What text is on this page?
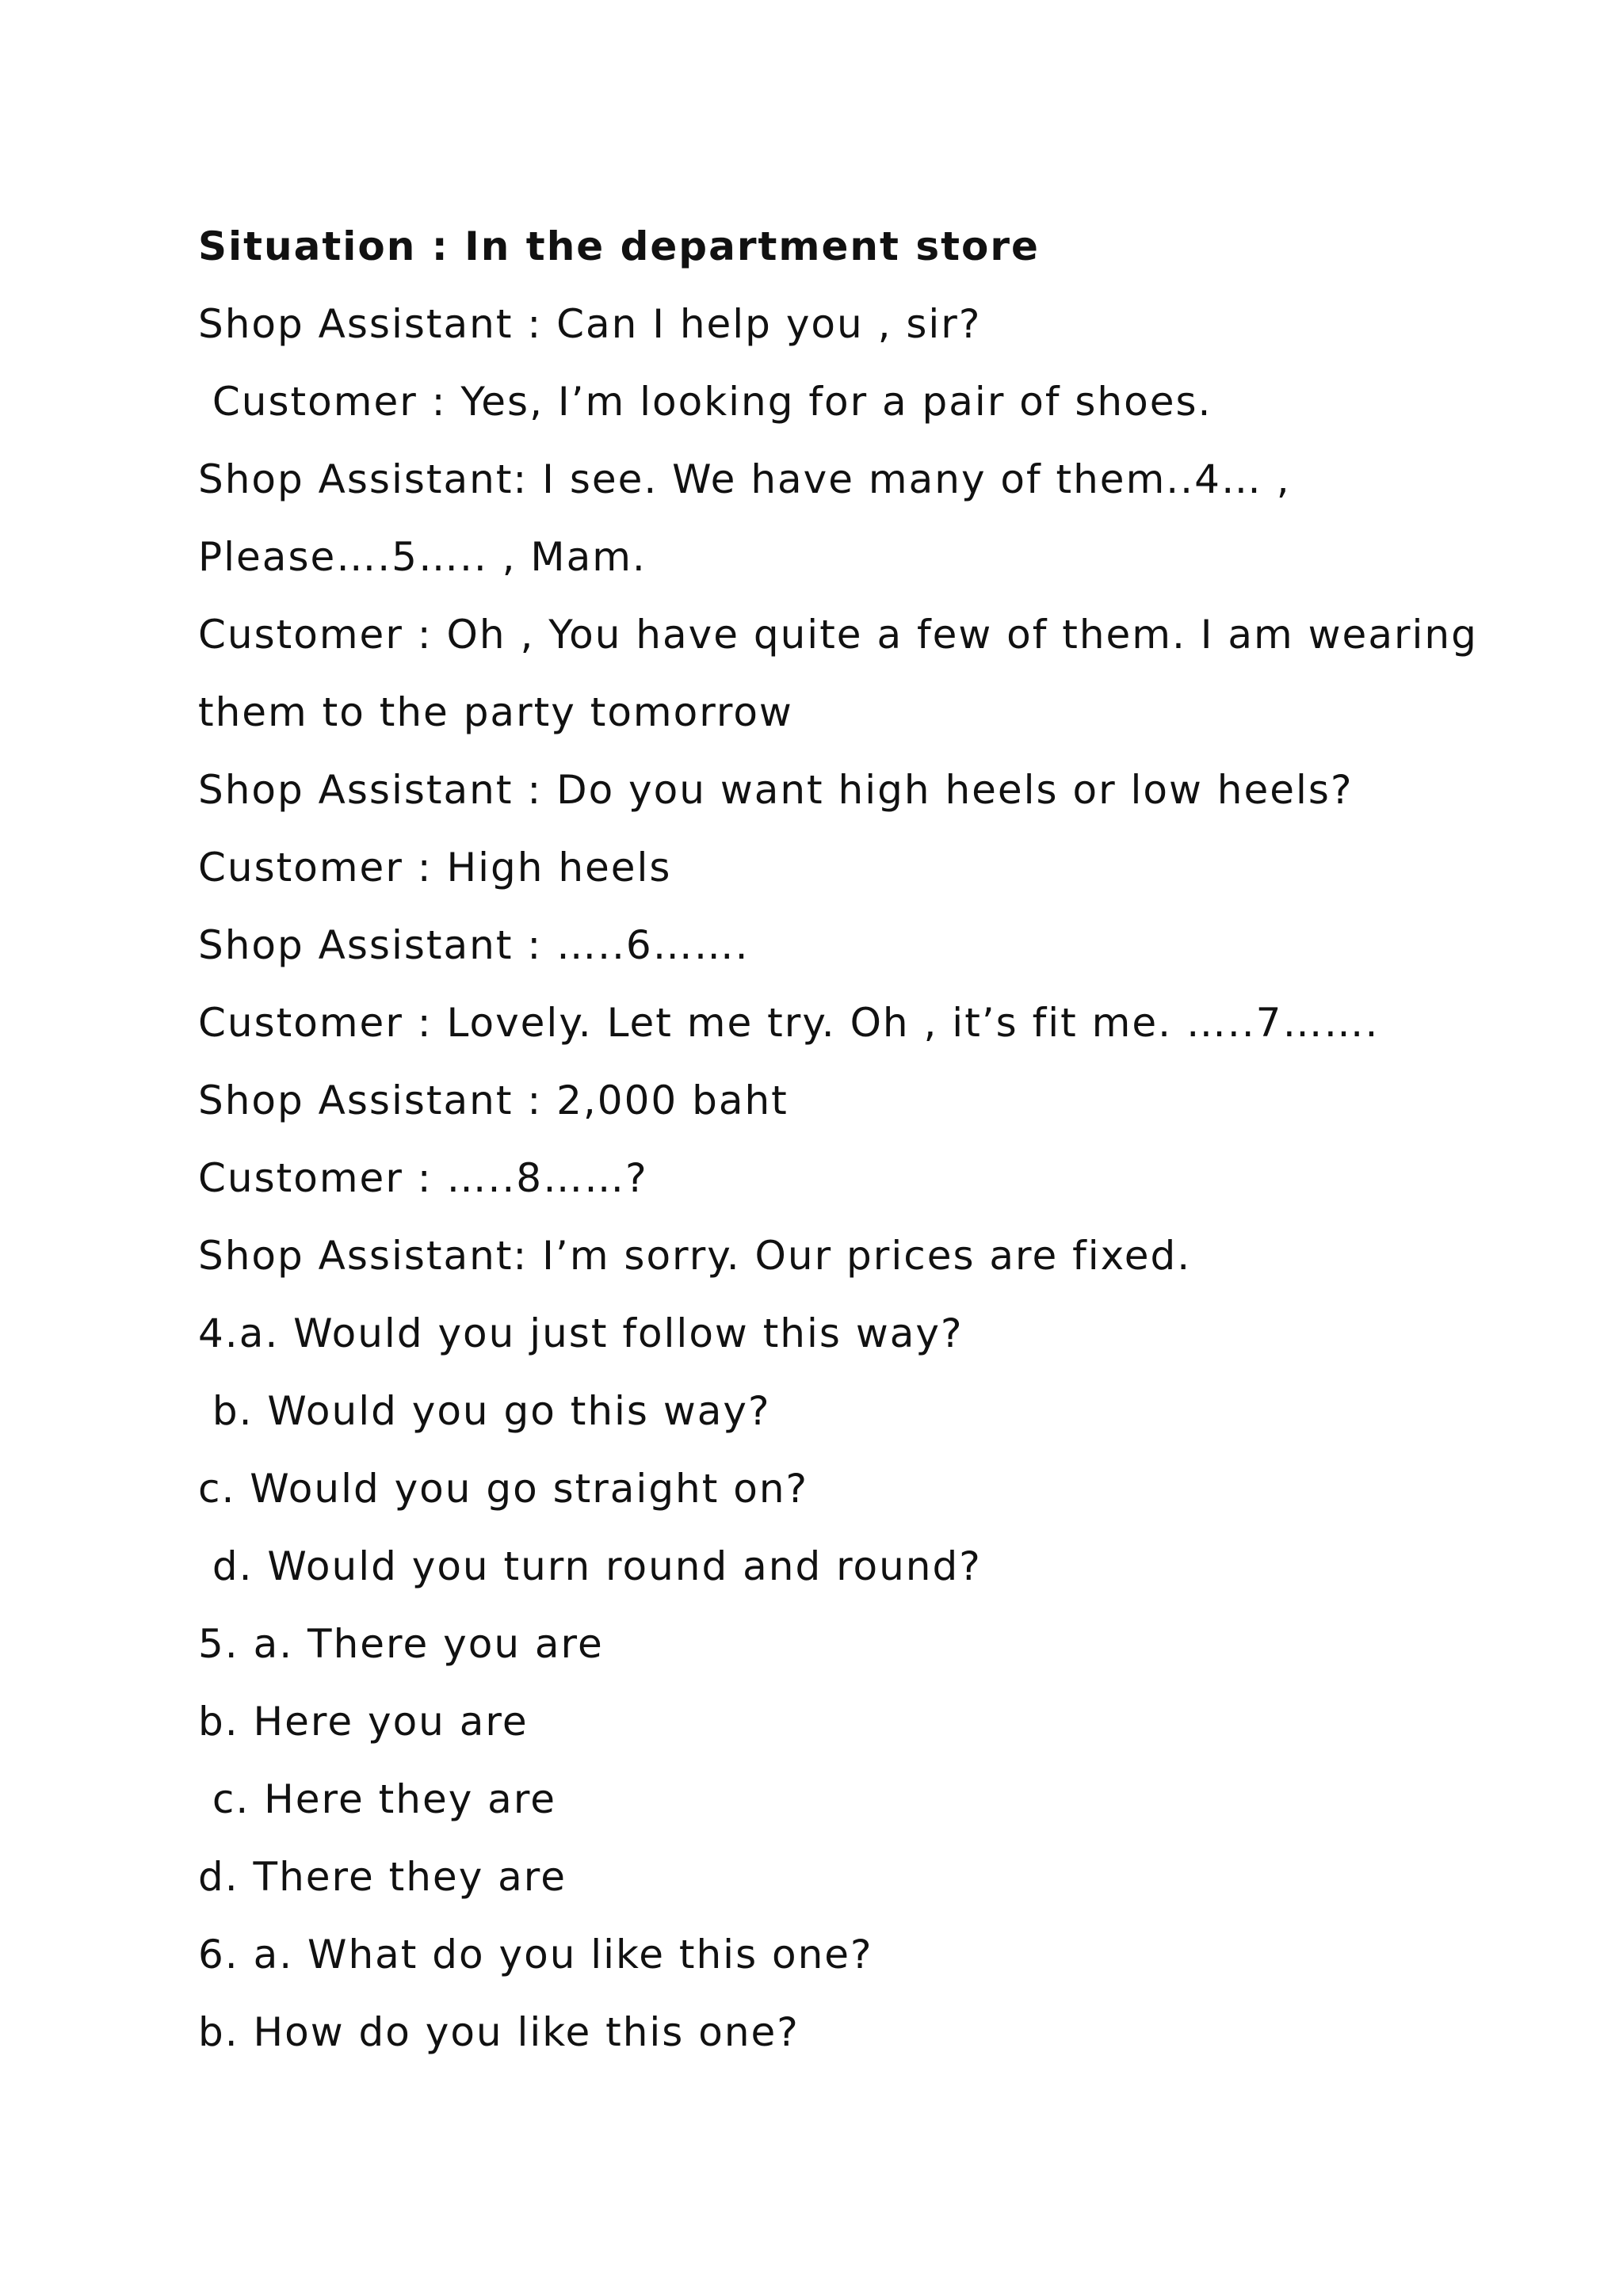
Situation : In the department store
Shop Assistant : Can I help you , sir?
Customer : Yes, I’m looking for a pair of shoes.
Shop Assistant: I see. We have many of them..4… ,
Please….5….. , Mam.
Customer : Oh , You have quite a few of them. I am wearing
them to the party tomorrow
Shop Assistant : Do you want high heels or low heels?
Customer : High heels
Shop Assistant : …..6…….
Customer : Lovely. Let me try. Oh , it’s fit me. …..7…….
Shop Assistant : 2,000 baht
Customer : …..8……?
Shop Assistant: I’m sorry. Our prices are fixed.
4.a. Would you just follow this way?
b. Would you go this way?
c. Would you go straight on?
d. Would you turn round and round?
5. a. There you are
b. Here you are
c. Here they are
d. There they are
6. a. What do you like this one?
b. How do you like this one?
